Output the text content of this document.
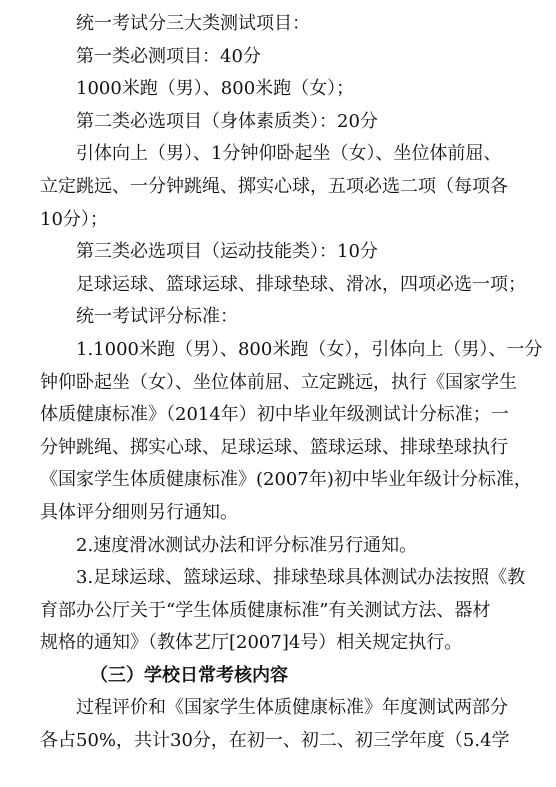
统一考试分三大类测试项目：
第一类必测项目：40分
1000米跑（男）、800米跑（女）；
第二类必选项目（身体素质类）：20分
引体向上（男）、1分钟仰卧起坐（女）、坐位体前屈、
立定跳远、一分钟跳绳、掷实心球，五项必选二项（每项各
10分）；
第三类必选项目（运动技能类）：10分
足球运球、篮球运球、排球垫球、滑冰，四项必选一项；
统一考试评分标准：
1.1000米跑（男）、800米跑（女），引体向上（男）、一分
钟仰卧起坐（女）、坐位体前屈、立定跳远，执行《国家学生
体质健康标准》（2014年）初中毕业年级测试计分标准；一
分钟跳绳、掷实心球、足球运球、篮球运球、排球垫球执行
《国家学生体质健康标准》(2007年)初中毕业年级计分标准，
具体评分细则另行通知。
2.速度滑冰测试办法和评分标准另行通知。
3.足球运球、篮球运球、排球垫球具体测试办法按照《教
育部办公厅关于“学生体质健康标准”有关测试方法、器材
规格的通知》（教体艺厅[2007]4号）相关规定执行。
（三）学校日常考核内容
过程评价和《国家学生体质健康标准》年度测试两部分
各占50%，共计30分，在初一、初二、初三学年度（5.4学
